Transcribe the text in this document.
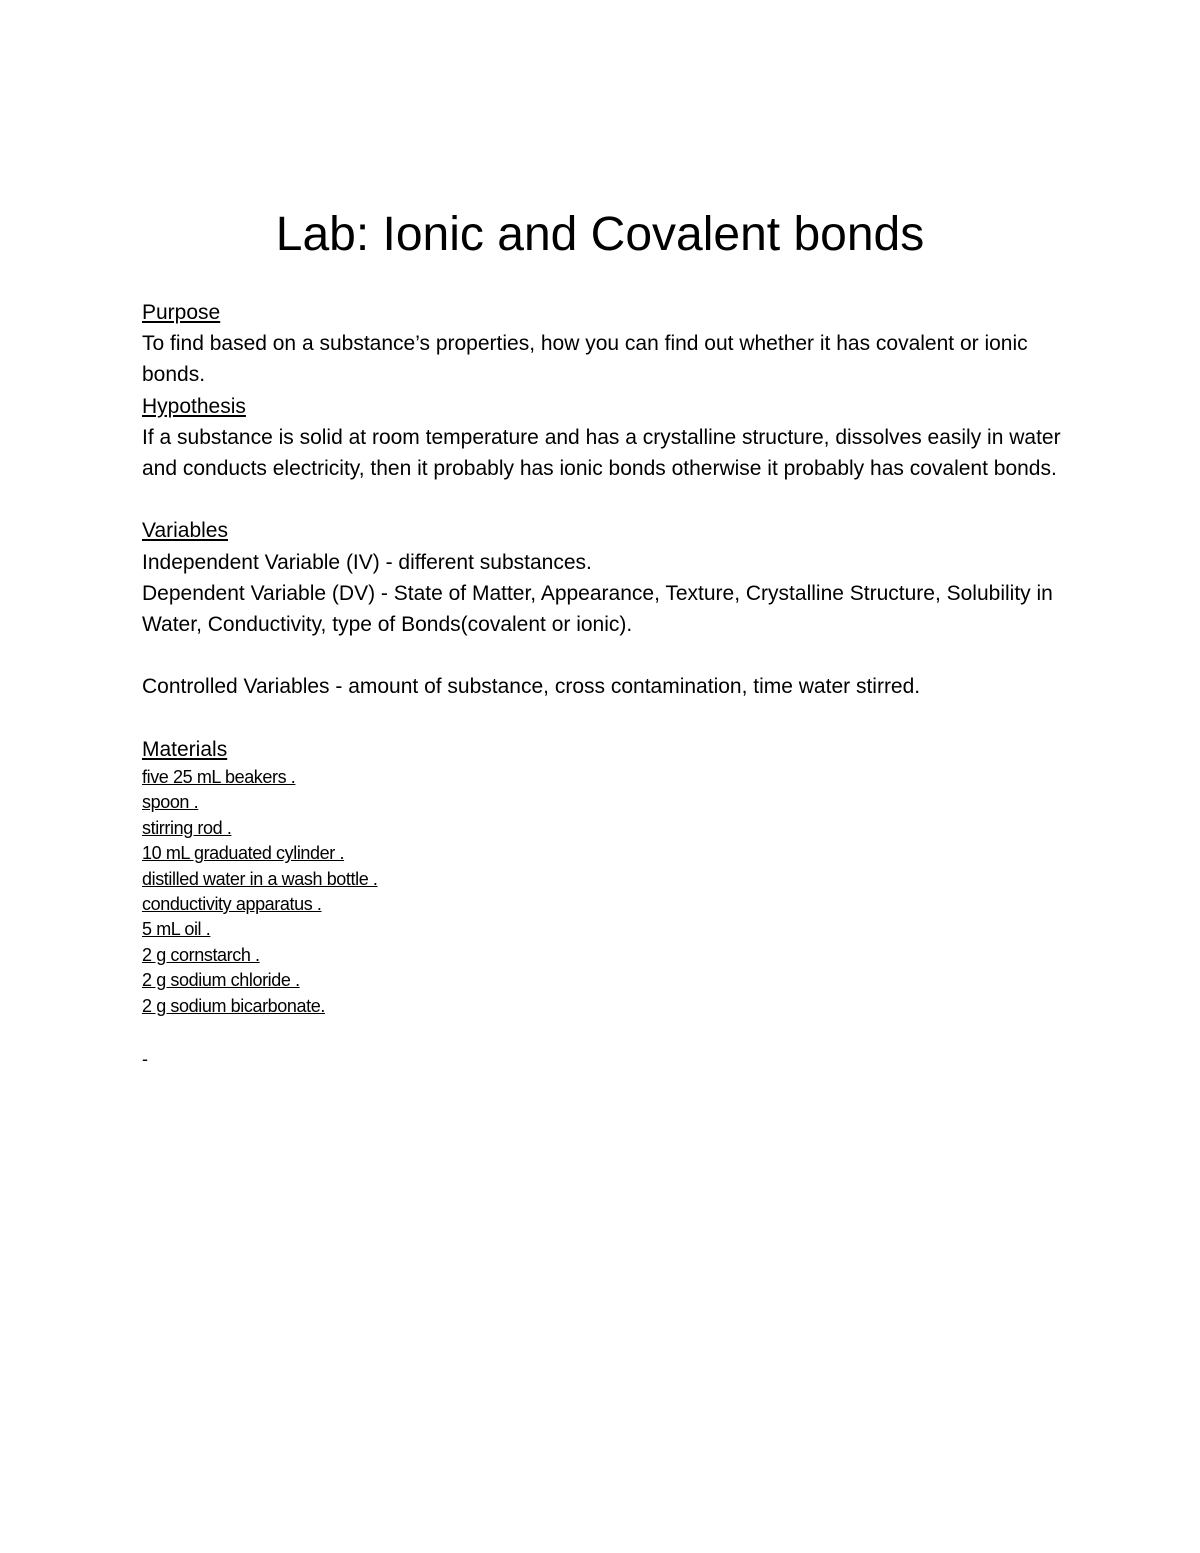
Lab: Ionic and Covalent bonds

Purpose

To find based on a substance’s properties, how you can find out whether it has covalent or ionic bonds.

Hypothesis

If a substance is solid at room temperature and has a crystalline structure, dissolves easily in water and conducts electricity, then it probably has ionic bonds otherwise it probably has covalent bonds.

Variables

Independent Variable (IV) - different substances.

Dependent Variable (DV) - State of Matter, Appearance, Texture, Crystalline Structure, Solubility in Water, Conductivity, type of Bonds(covalent or ionic).

Controlled Variables - amount of substance, cross contamination, time water stirred.

Materials

five 25 mL beakers .
spoon .
stirring rod .
10 mL graduated cylinder .
distilled water in a wash bottle .
conductivity apparatus .
5 mL oil .
2 g cornstarch .
2 g sodium chloride .
2 g sodium bicarbonate.
-
